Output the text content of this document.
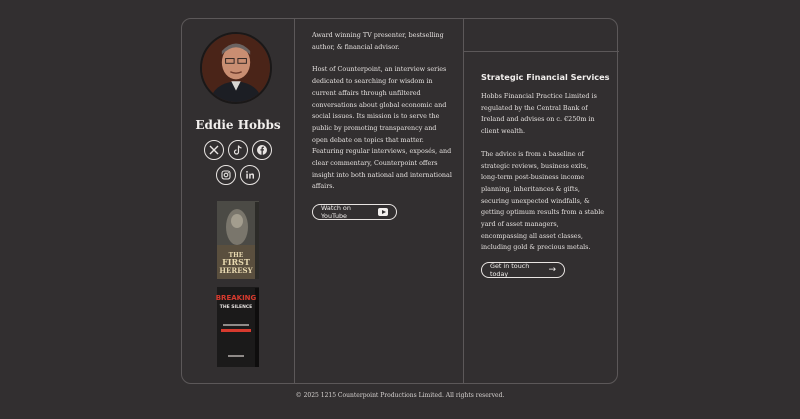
Eddie Hobbs
THE
FIRST
HERESY
BREAKING
THE SILENCE

Award winning TV presenter, bestselling author, & financial advisor.

Host of Counterpoint, an interview series dedicated to searching for wisdom in current affairs through unfiltered conversations about global economic and social issues. Its mission is to serve the public by promoting transparency and open debate on topics that matter. Featuring regular interviews, exposés, and clear commentary, Counterpoint offers insight into both national and international affairs.

Watch on YouTube
Strategic Financial Services

Hobbs Financial Practice Limited is regulated by the Central Bank of Ireland and advises on c. €250m in client wealth.

The advice is from a baseline of strategic reviews, business exits, long-term post-business income planning, inheritances & gifts, securing unexpected windfalls, & getting optimum results from a stable yard of asset managers, encompassing all asset classes, including gold & precious metals.

Get in touch today	→
© 2025 1215 Counterpoint Productions Limited. All rights reserved.
